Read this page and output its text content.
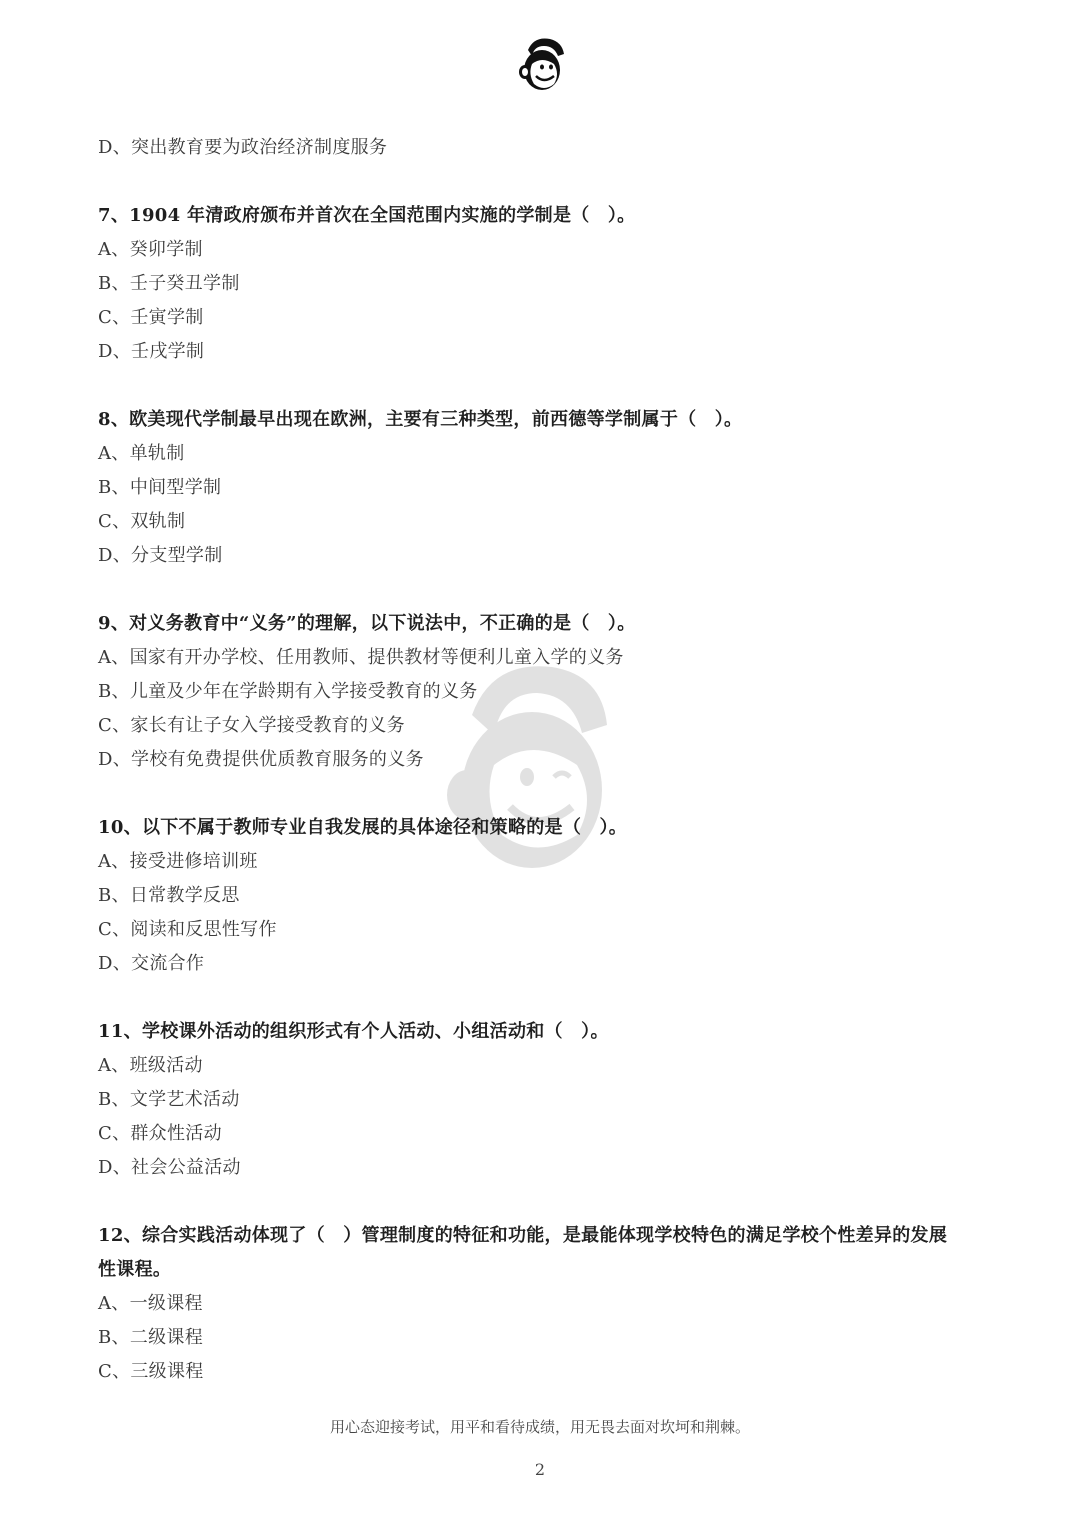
D、突出教育要为政治经济制度服务
7、1904 年清政府颁布并首次在全国范围内实施的学制是（　）。
A、癸卯学制
B、壬子癸丑学制
C、壬寅学制
D、壬戌学制
8、欧美现代学制最早出现在欧洲，主要有三种类型，前西德等学制属于（　）。
A、单轨制
B、中间型学制
C、双轨制
D、分支型学制
9、对义务教育中“义务”的理解，以下说法中，不正确的是（　）。
A、国家有开办学校、任用教师、提供教材等便利儿童入学的义务
B、儿童及少年在学龄期有入学接受教育的义务
C、家长有让子女入学接受教育的义务
D、学校有免费提供优质教育服务的义务
10、以下不属于教师专业自我发展的具体途径和策略的是（　）。
A、接受进修培训班
B、日常教学反思
C、阅读和反思性写作
D、交流合作
11、学校课外活动的组织形式有个人活动、小组活动和（　）。
A、班级活动
B、文学艺术活动
C、群众性活动
D、社会公益活动
12、综合实践活动体现了（　）管理制度的特征和功能，是最能体现学校特色的满足学校个性差异的发展
性课程。
A、一级课程
B、二级课程
C、三级课程
用心态迎接考试，用平和看待成绩，用无畏去面对坎坷和荆棘。
2
